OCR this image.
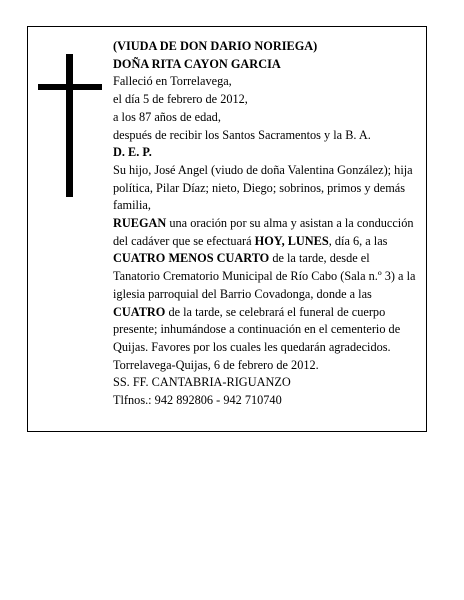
(VIUDA DE DON DARIO NORIEGA)

DOÑA RITA CAYON GARCIA

Falleció en Torrelavega,

el día 5 de febrero de 2012,

a los 87 años de edad,

después de recibir los Santos Sacramentos y la B. A.

D. E. P.

Su hijo, José Angel (viudo de doña Valentina González); hija política, Pilar Díaz; nieto, Diego; sobrinos, primos y demás familia,

RUEGAN una oración por su alma y asistan a la conducción del cadáver que se efectuará HOY, LUNES, día 6, a las CUATRO MENOS CUARTO de la tarde, desde el Tanatorio Crematorio Municipal de Río Cabo (Sala n.º 3) a la iglesia parroquial del Barrio Covadonga, donde a las CUATRO de la tarde, se celebrará el funeral de cuerpo presente; inhumándose a continuación en el cementerio de Quijas. Favores por los cuales les quedarán agradecidos.

Torrelavega-Quijas, 6 de febrero de 2012.

SS. FF. CANTABRIA-RIGUANZO

Tlfnos.: 942 892806 - 942 710740
